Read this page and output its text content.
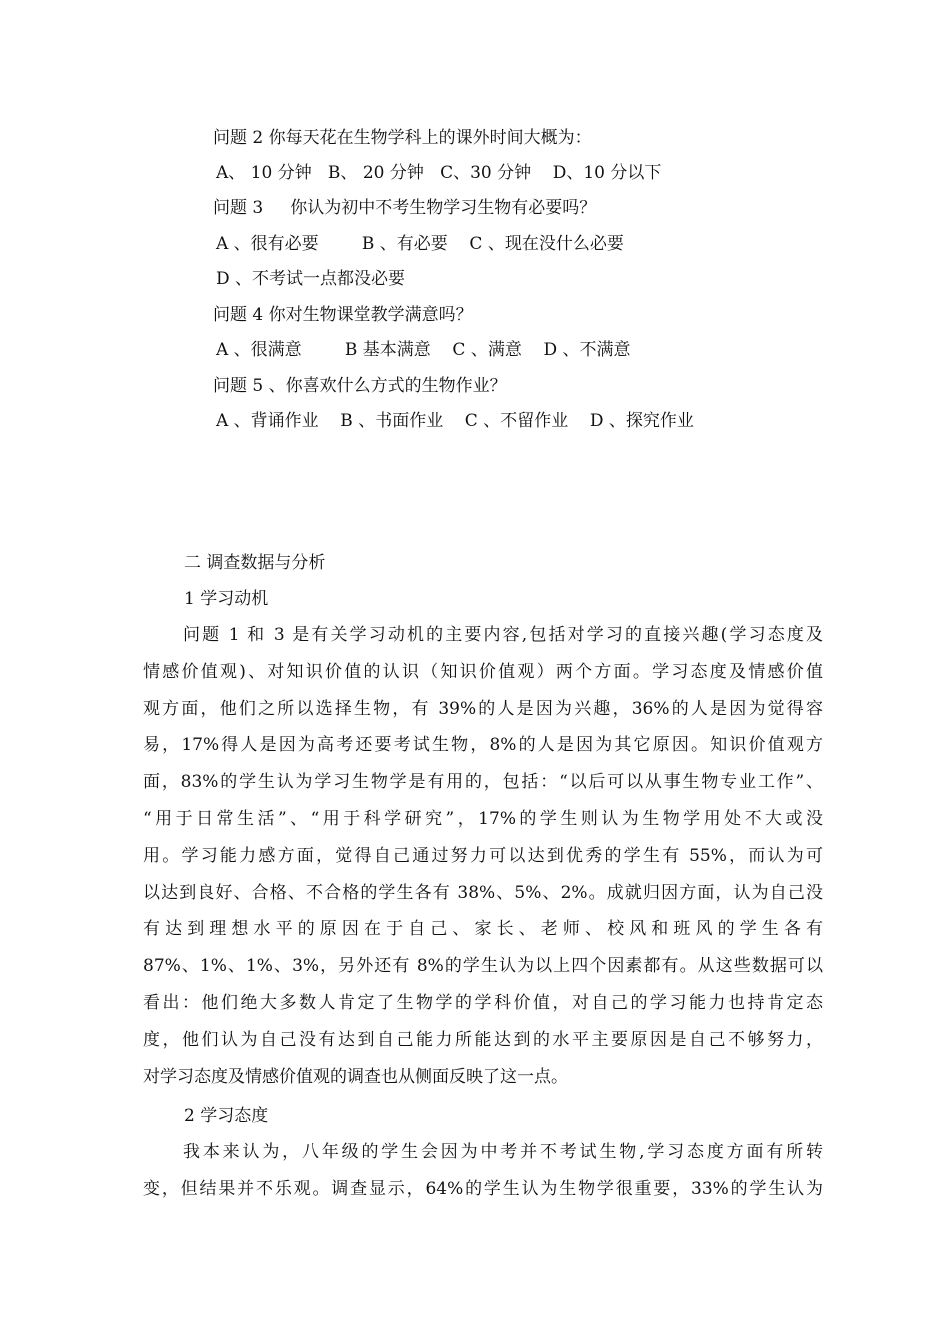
问题 2 你每天花在生物学科上的课外时间大概为：
A、 10 分钟   B、 20 分钟   C、30 分钟    D、10 分以下
问题 3     你认为初中不考生物学习生物有必要吗？
A 、很有必要        B 、有必要    C 、现在没什么必要
D 、不考试一点都没必要
问题 4 你对生物课堂教学满意吗？
A 、很满意        B 基本满意    C 、满意    D 、不满意
问题 5 、你喜欢什么方式的生物作业？
A 、背诵作业    B 、书面作业    C 、不留作业    D 、探究作业
二 调查数据与分析
1 学习动机
问题 1 和 3 是有关学习动机的主要内容,包括对学习的直接兴趣(学习态度及
情感价值观)、对知识价值的认识（知识价值观）两个方面。学习态度及情感价值
观方面，他们之所以选择生物，有 39%的人是因为兴趣，36%的人是因为觉得容
易，17%得人是因为高考还要考试生物，8%的人是因为其它原因。知识价值观方
面，83%的学生认为学习生物学是有用的，包括：“以后可以从事生物专业工作”、
“用于日常生活”、“用于科学研究”，17%的学生则认为生物学用处不大或没
用。学习能力感方面，觉得自己通过努力可以达到优秀的学生有 55%，而认为可
以达到良好、合格、不合格的学生各有 38%、5%、2%。成就归因方面，认为自己没
有达到理想水平的原因在于自己、家长、老师、校风和班风的学生各有
87%、1%、1%、3%，另外还有 8%的学生认为以上四个因素都有。从这些数据可以
看出：他们绝大多数人肯定了生物学的学科价值，对自己的学习能力也持肯定态
度，他们认为自己没有达到自己能力所能达到的水平主要原因是自己不够努力，
对学习态度及情感价值观的调查也从侧面反映了这一点。
2 学习态度
我本来认为，八年级的学生会因为中考并不考试生物,学习态度方面有所转
变，但结果并不乐观。调查显示，64%的学生认为生物学很重要，33%的学生认为
